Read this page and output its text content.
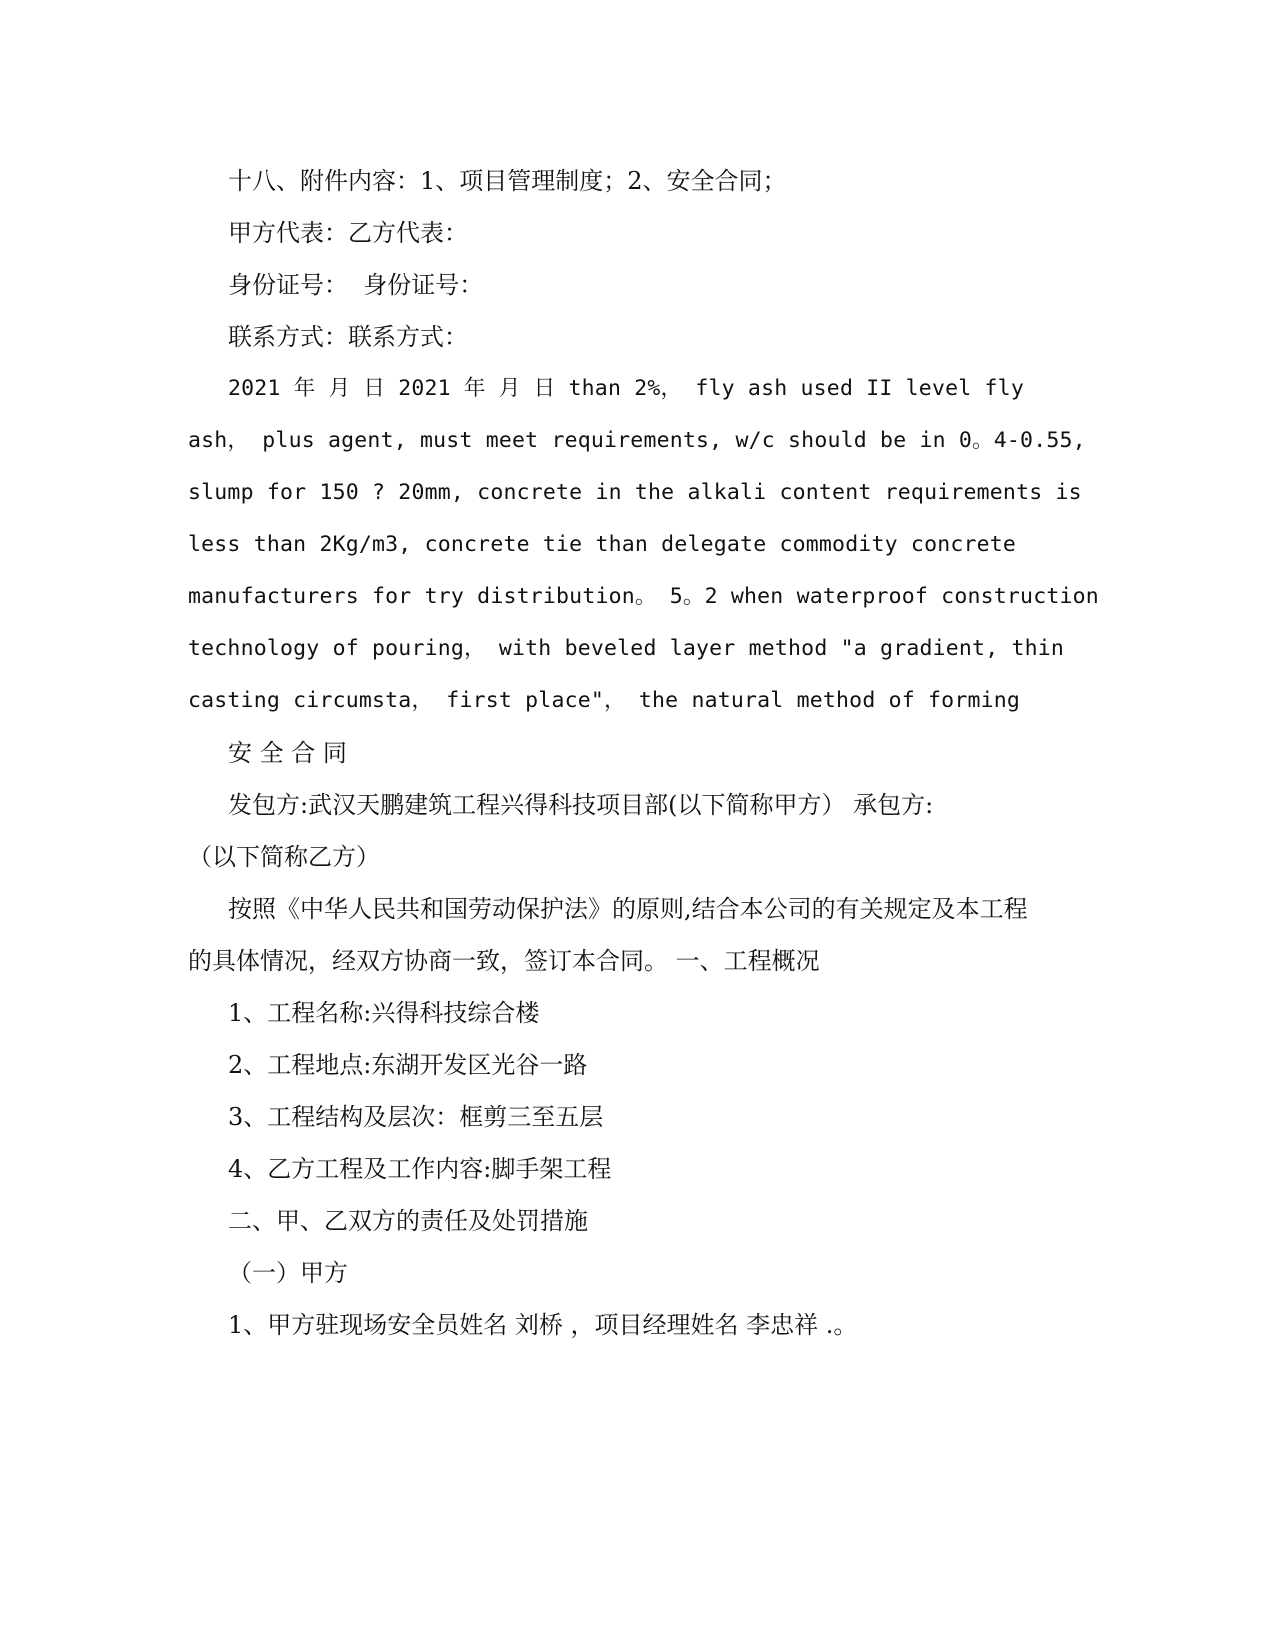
十八、附件内容：1、项目管理制度；2、安全合同；
甲方代表：乙方代表：
身份证号：  身份证号：
联系方式：联系方式：
2021 年 月 日 2021 年 月 日 than 2%， fly ash used II level fly
ash， plus agent, must meet requirements, w/c should be in 0。4-0.55,
slump for 150 ? 20mm, concrete in the alkali content requirements is
less than 2Kg/m3, concrete tie than delegate commodity concrete
manufacturers for try distribution。 5。2 when waterproof construction
technology of pouring， with beveled layer method "a gradient, thin
casting circumsta， first place"， the natural method of forming
安 全 合 同
发包方:武汉天鹏建筑工程兴得科技项目部(以下简称甲方） 承包方:
（以下简称乙方）
按照《中华人民共和国劳动保护法》的原则,结合本公司的有关规定及本工程
的具体情况，经双方协商一致，签订本合同。 一、工程概况
1、工程名称:兴得科技综合楼
2、工程地点:东湖开发区光谷一路
3、工程结构及层次：框剪三至五层
4、乙方工程及工作内容:脚手架工程
二、甲、乙双方的责任及处罚措施
（一）甲方
1、甲方驻现场安全员姓名 刘桥 ，项目经理姓名 李忠祥 .。
